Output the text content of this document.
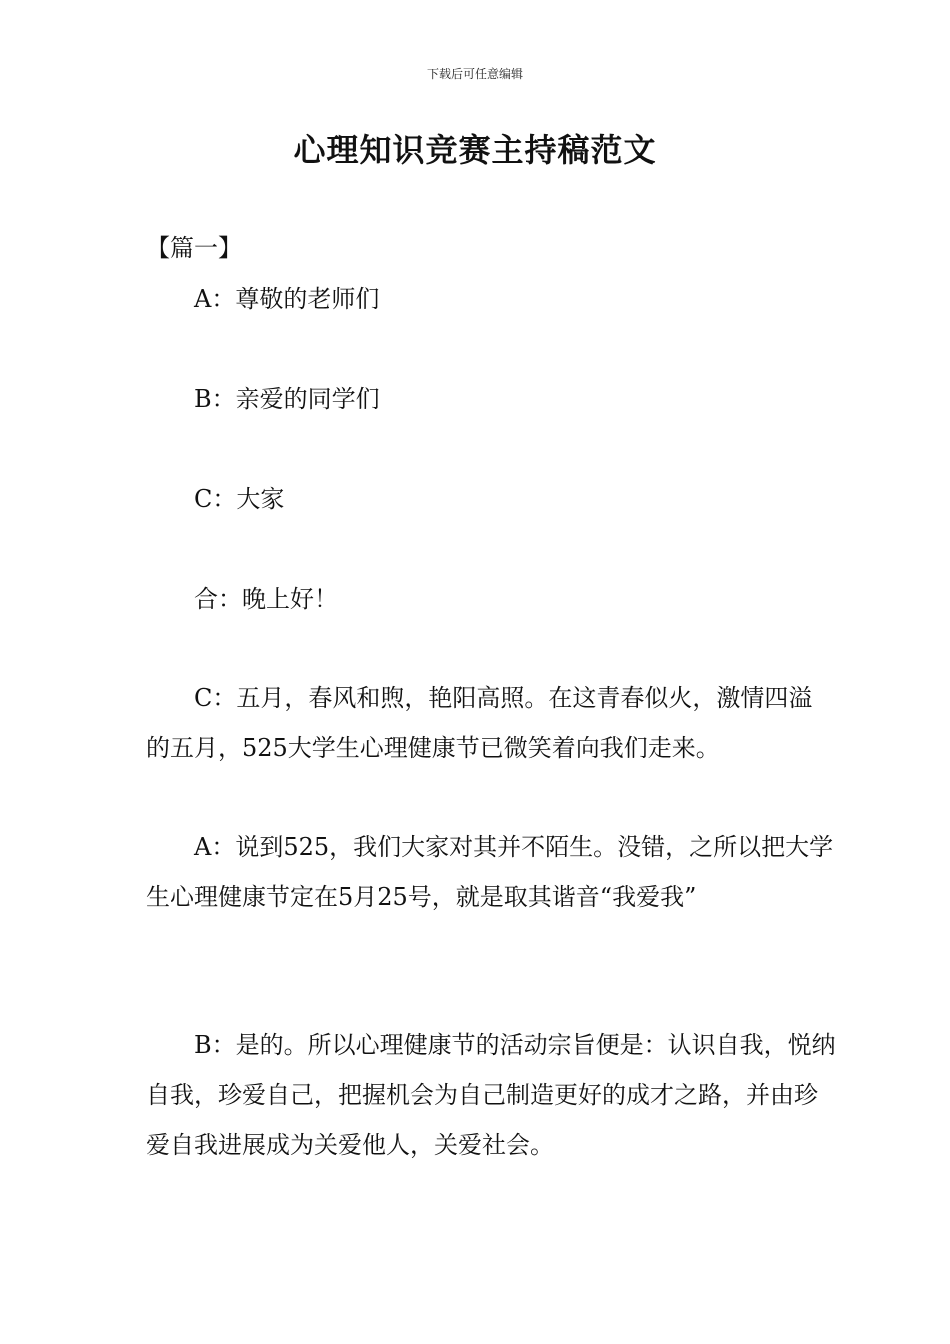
下载后可任意编辑
心理知识竞赛主持稿范文
【篇一】
A：尊敬的老师们
B：亲爱的同学们
C：大家
合：晚上好！
C：五月，春风和煦，艳阳高照。在这青春似火，激情四溢的五月，525大学生心理健康节已微笑着向我们走来。
A：说到525，我们大家对其并不陌生。没错，之所以把大学生心理健康节定在5月25号，就是取其谐音“我爱我”
B：是的。所以心理健康节的活动宗旨便是：认识自我，悦纳自我，珍爱自己，把握机会为自己制造更好的成才之路，并由珍爱自我进展成为关爱他人，关爱社会。
